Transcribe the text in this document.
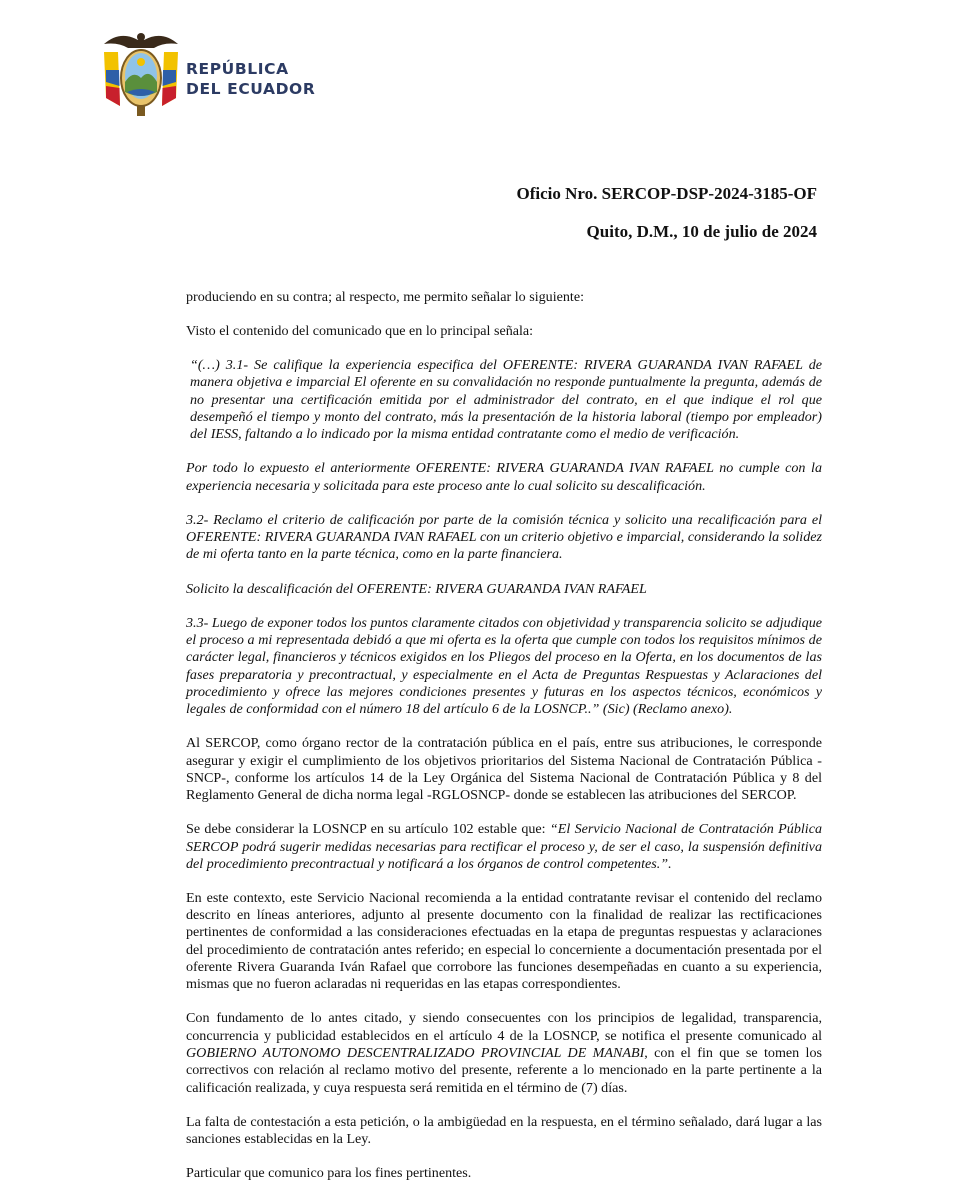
REPÚBLICA
DEL ECUADOR
Oficio Nro. SERCOP-DSP-2024-3185-OF
Quito, D.M., 10 de julio de 2024

produciendo en su contra; al respecto, me permito señalar lo siguiente:

Visto el contenido del comunicado que en lo principal señala:

“(…) 3.1- Se califique la experiencia especifica del OFERENTE: RIVERA GUARANDA IVAN RAFAEL de manera objetiva e imparcial El oferente en su convalidación no responde puntualmente la pregunta, además de no presentar una certificación emitida por el administrador del contrato, en el que indique el rol que desempeñó el tiempo y monto del contrato, más la presentación de la historia laboral (tiempo por empleador) del IESS, faltando a lo indicado por la misma entidad contratante como el medio de verificación.

Por todo lo expuesto el anteriormente OFERENTE: RIVERA GUARANDA IVAN RAFAEL no cumple con la experiencia necesaria y solicitada para este proceso ante lo cual solicito su descalificación.

3.2- Reclamo el criterio de calificación por parte de la comisión técnica y solicito una recalificación para el OFERENTE: RIVERA GUARANDA IVAN RAFAEL con un criterio objetivo e imparcial, considerando la solidez de mi oferta tanto en la parte técnica, como en la parte financiera.

Solicito la descalificación del OFERENTE: RIVERA GUARANDA IVAN RAFAEL

3.3- Luego de exponer todos los puntos claramente citados con objetividad y transparencia solicito se adjudique el proceso a mi representada debidó a que mi oferta es la oferta que cumple con todos los requisitos mínimos de carácter legal, financieros y técnicos exigidos en los Pliegos del proceso en la Oferta, en los documentos de las fases preparatoria y precontractual, y especialmente en el Acta de Preguntas Respuestas y Aclaraciones del procedimiento y ofrece las mejores condiciones presentes y futuras en los aspectos técnicos, económicos y legales de conformidad con el número 18 del artículo 6 de la LOSNCP..” (Sic) (Reclamo anexo).

Al SERCOP, como órgano rector de la contratación pública en el país, entre sus atribuciones, le corresponde asegurar y exigir el cumplimiento de los objetivos prioritarios del Sistema Nacional de Contratación Pública -SNCP-, conforme los artículos 14 de la Ley Orgánica del Sistema Nacional de Contratación Pública y 8 del Reglamento General de dicha norma legal -RGLOSNCP- donde se establecen las atribuciones del SERCOP.

Se debe considerar la LOSNCP en su artículo 102 estable que: “El Servicio Nacional de Contratación Pública SERCOP podrá sugerir medidas necesarias para rectificar el proceso y, de ser el caso, la suspensión definitiva del procedimiento precontractual y notificará a los órganos de control competentes.”.

En este contexto, este Servicio Nacional recomienda a la entidad contratante revisar el contenido del reclamo descrito en líneas anteriores, adjunto al presente documento con la finalidad de realizar las rectificaciones pertinentes de conformidad a las consideraciones efectuadas en la etapa de preguntas respuestas y aclaraciones del procedimiento de contratación antes referido; en especial lo concerniente a documentación presentada por el oferente Rivera Guaranda Iván Rafael que corrobore las funciones desempeñadas en cuanto a su experiencia, mismas que no fueron aclaradas ni requeridas en las etapas correspondientes.

Con fundamento de lo antes citado, y siendo consecuentes con los principios de legalidad, transparencia, concurrencia y publicidad establecidos en el artículo 4 de la LOSNCP, se notifica el presente comunicado al GOBIERNO AUTONOMO DESCENTRALIZADO PROVINCIAL DE MANABI, con el fin que se tomen los correctivos con relación al reclamo motivo del presente, referente a lo mencionado en la parte pertinente a la calificación realizada, y cuya respuesta será remitida en el término de (7) días.

La falta de contestación a esta petición, o la ambigüedad en la respuesta, en el término señalado, dará lugar a las sanciones establecidas en la Ley.

Particular que comunico para los fines pertinentes.
